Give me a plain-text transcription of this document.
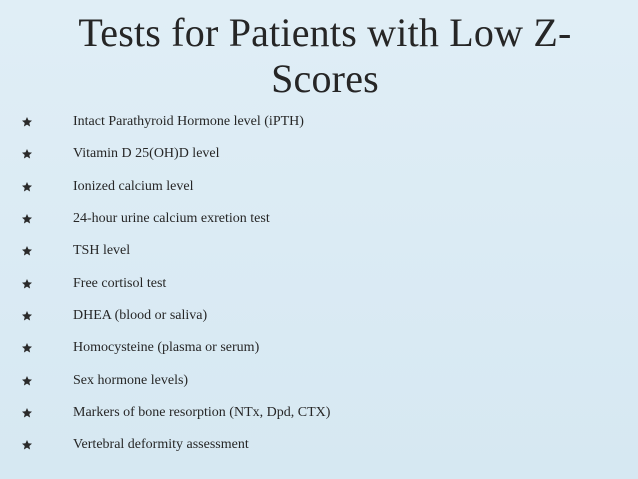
Tests for Patients with Low Z-
Scores
Intact Parathyroid Hormone level (iPTH)
Vitamin D 25(OH)D level
Ionized calcium level
24-hour urine calcium exretion test
TSH level
Free cortisol test
DHEA (blood or saliva)
Homocysteine (plasma or serum)
Sex hormone levels)
Markers of bone resorption (NTx, Dpd, CTX)
Vertebral deformity assessment
